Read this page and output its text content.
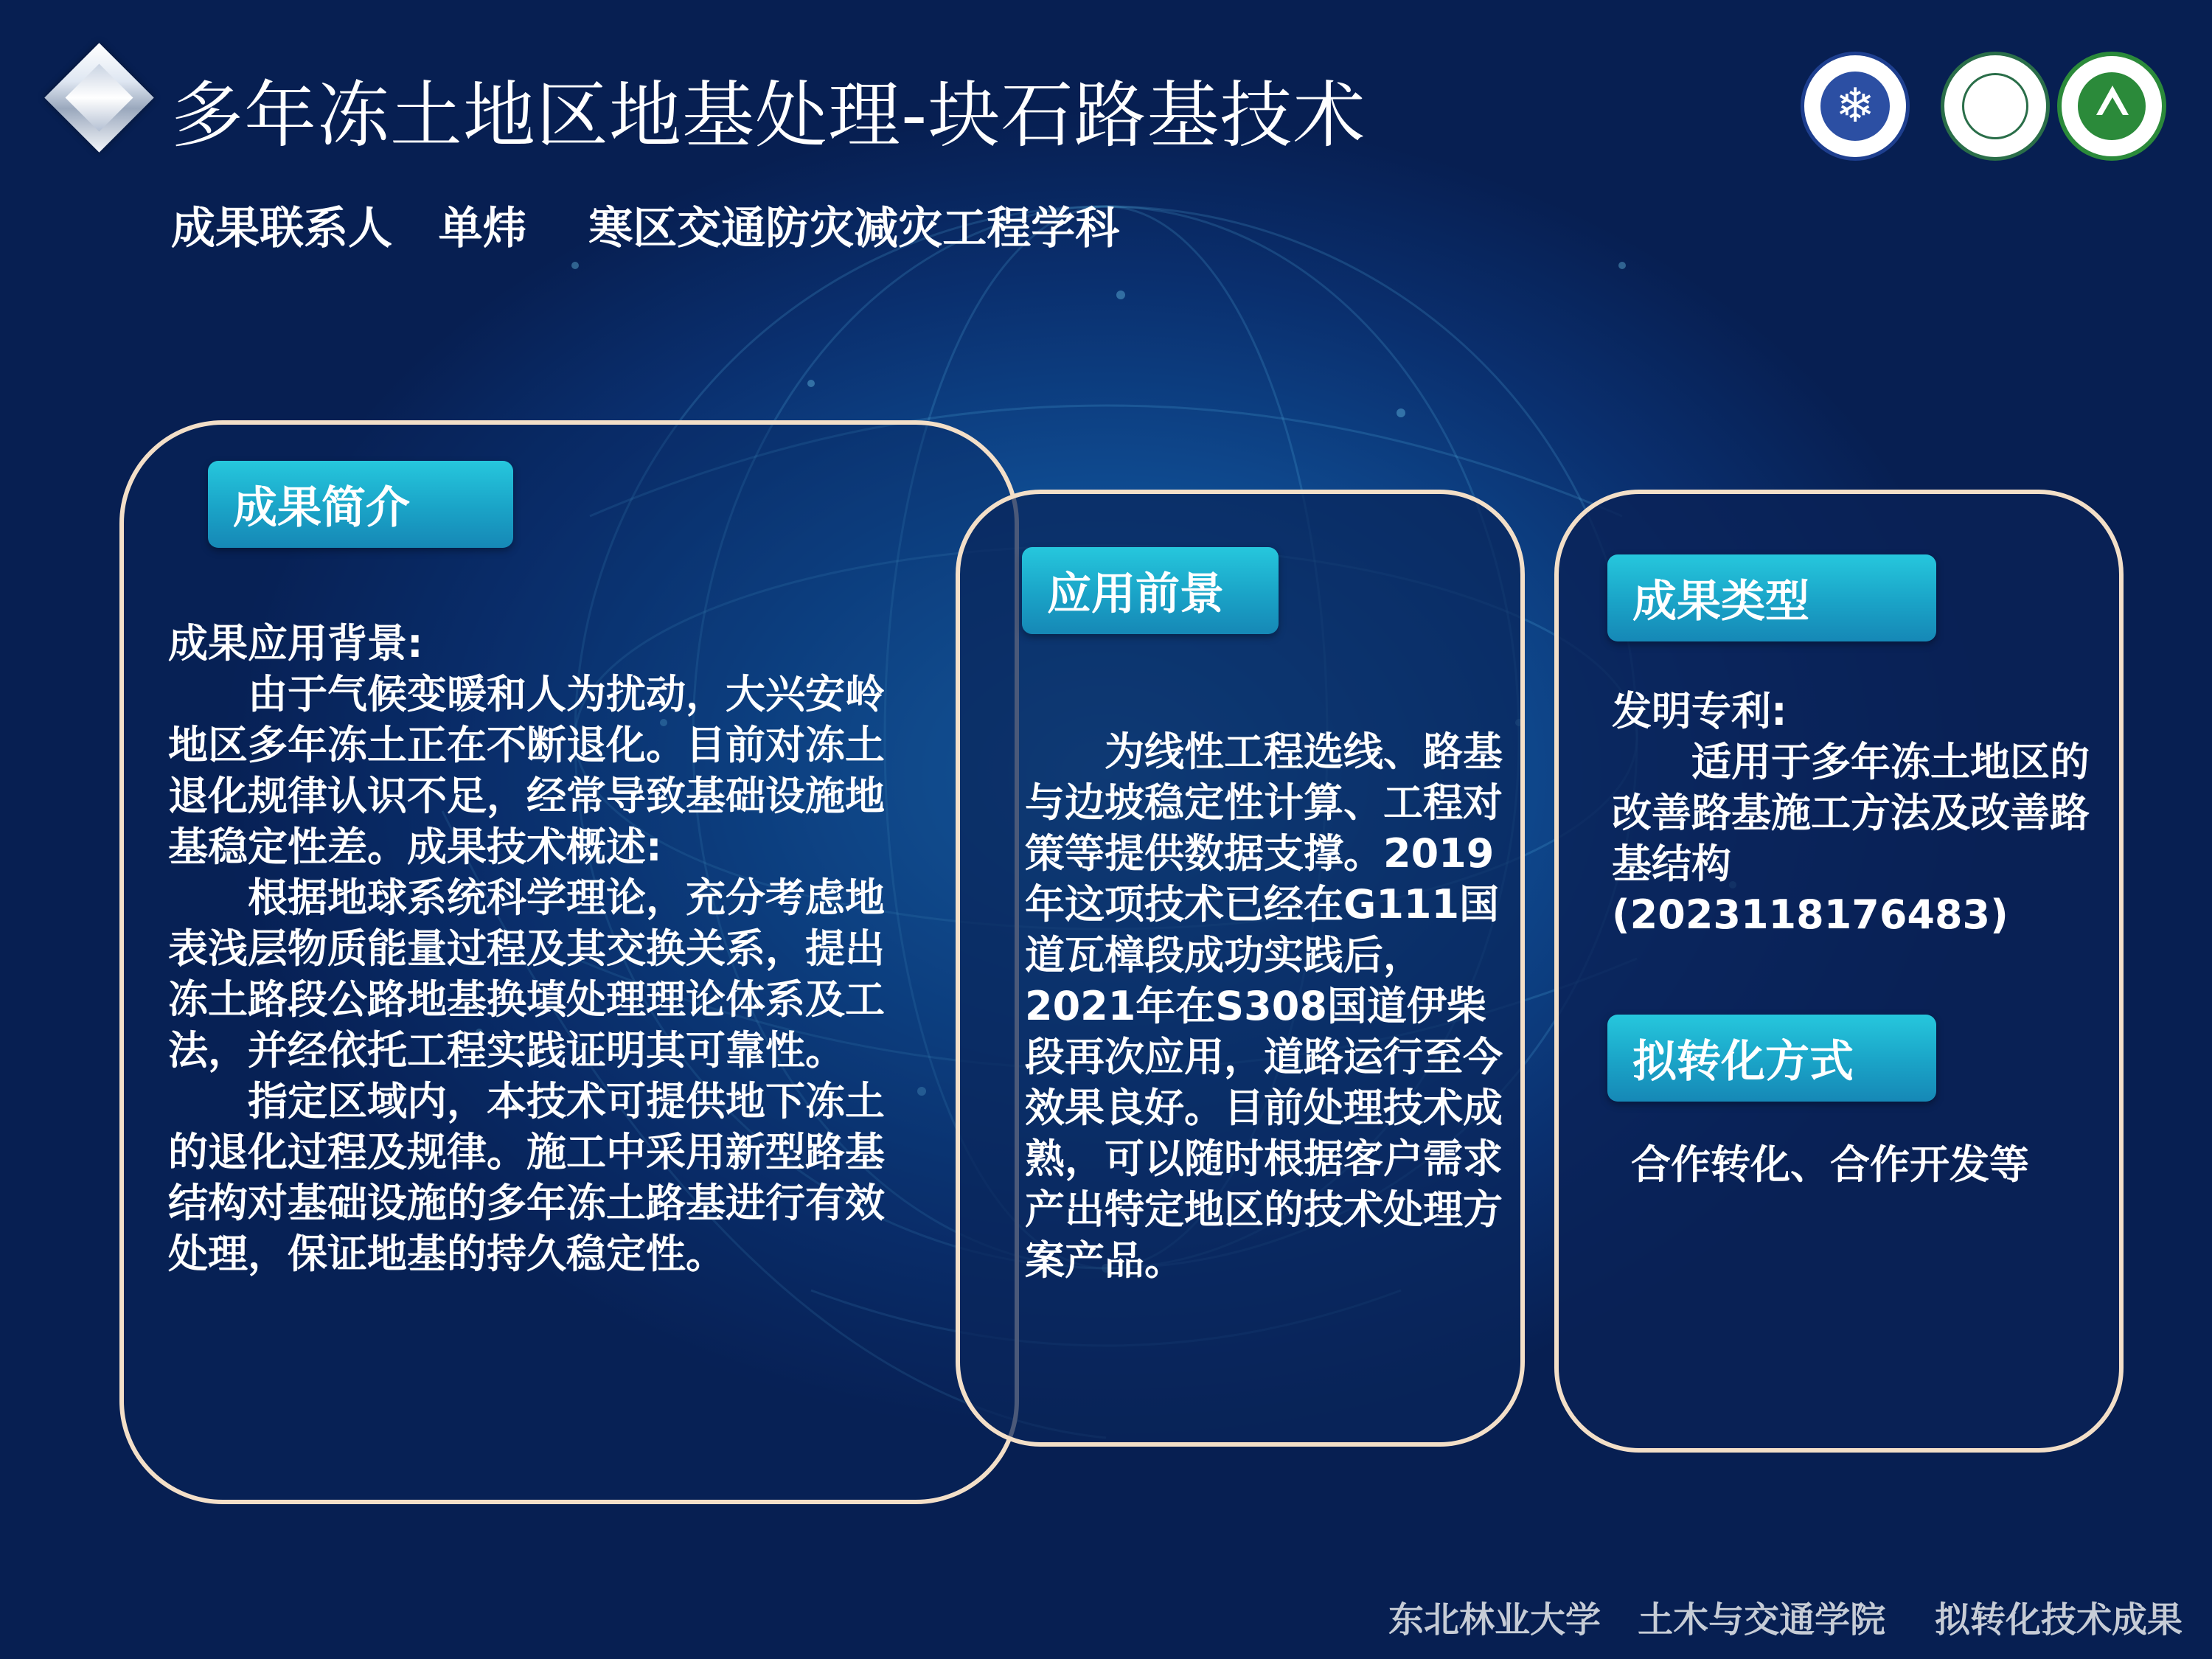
多年冻土地区地基处理-块石路基技术
成果联系人   单炜    寒区交通防灾减灾工程学科
❄
成果简介
应用前景	成果类型
拟转化方式

成果应用背景:

由于气候变暖和人为扰动，大兴安岭地区多年冻土正在不断退化。目前对冻土退化规律认识不足，经常导致基础设施地基稳定性差。成果技术概述:

根据地球系统科学理论，充分考虑地表浅层物质能量过程及其交换关系，提出冻土路段公路地基换填处理理论体系及工法，并经依托工程实践证明其可靠性。

指定区域内，本技术可提供地下冻土的退化过程及规律。施工中采用新型路基结构对基础设施的多年冻土路基进行有效处理，保证地基的持久稳定性。

为线性工程选线、路基与边坡稳定性计算、工程对策等提供数据支撑。2019年这项技术已经在G111国道瓦樟段成功实践后，2021年在S308国道伊柴段再次应用，道路运行至今效果良好。目前处理技术成熟，可以随时根据客户需求产出特定地区的技术处理方案产品。

发明专利:

适用于多年冻土地区的改善路基施工方法及改善路基结构(2023118176483)

合作转化、合作开发等
东北林业大学   土木与交通学院    拟转化技术成果
